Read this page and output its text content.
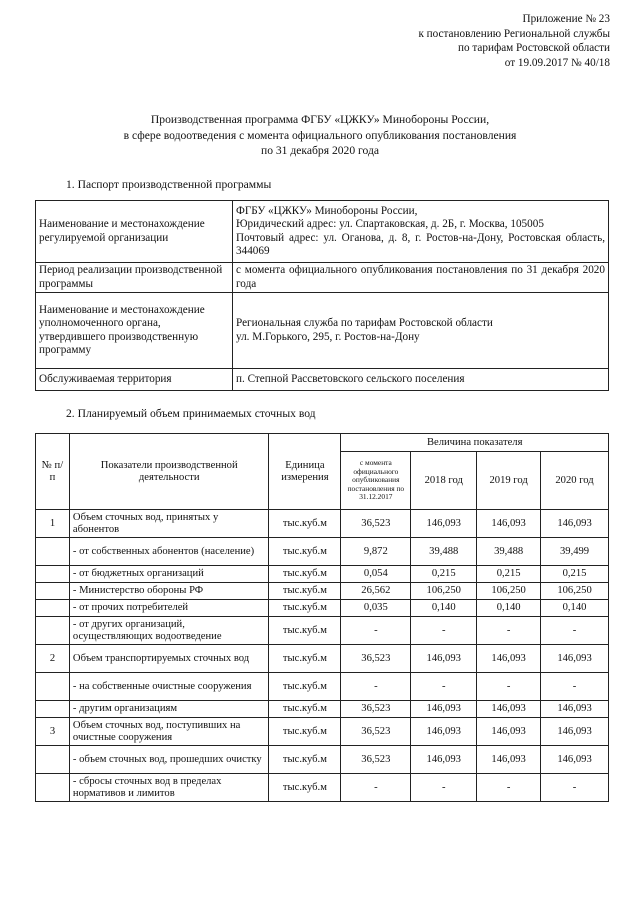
Приложение № 23
к постановлению Региональной службы
по тарифам Ростовской области
от 19.09.2017 № 40/18
Производственная программа ФГБУ «ЦЖКУ» Минобороны России,
в сфере водоотведения с момента официального опубликования постановления
по 31 декабря 2020 года
1. Паспорт производственной программы
Наименование и местонахождение регулируемой организации	ФГБУ «ЦЖКУ» Минобороны России,
Юридический адрес: ул. Спартаковская, д. 2Б, г. Москва, 105005
Почтовый адрес: ул. Оганова, д. 8, г. Ростов-на-Дону, Ростовская область, 344069

Период реализации производственной программы	с момента официального опубликования постановления по 31 декабря 2020 года
Наименование и местонахождение уполномоченного органа, утвердившего производственную программу	Региональная служба по тарифам Ростовской области
ул. М.Горького, 295, г. Ростов-на-Дону

Обслуживаемая территория	п. Степной Рассветовского сельского поселения
2. Планируемый объем принимаемых сточных вод
№ п/п	Показатели производственной деятельности	Единица измерения	Величина показателя			
			с момента официального опубликования постановления по 31.12.2017	2018 год	2019 год	2020 год
1	Объем сточных вод, принятых у абонентов	тыс.куб.м	36,523	146,093	146,093	146,093
	- от собственных абонентов (население)	тыс.куб.м	9,872	39,488	39,488	39,499
	- от бюджетных организаций	тыс.куб.м	0,054	0,215	0,215	0,215
	- Министерство обороны РФ	тыс.куб.м	26,562	106,250	106,250	106,250
	- от прочих потребителей	тыс.куб.м	0,035	0,140	0,140	0,140
	- от других организаций, осуществляющих водоотведение	тыс.куб.м	-	-	-	-
2	Объем транспортируемых сточных вод	тыс.куб.м	36,523	146,093	146,093	146,093
	- на собственные очистные сооружения	тыс.куб.м	-	-	-	-
	- другим организациям	тыс.куб.м	36,523	146,093	146,093	146,093
3	Объем сточных вод, поступивших на очистные сооружения	тыс.куб.м	36,523	146,093	146,093	146,093
	- объем сточных вод, прошедших очистку	тыс.куб.м	36,523	146,093	146,093	146,093
	- сбросы сточных вод в пределах нормативов и лимитов	тыс.куб.м	-	-	-	-
